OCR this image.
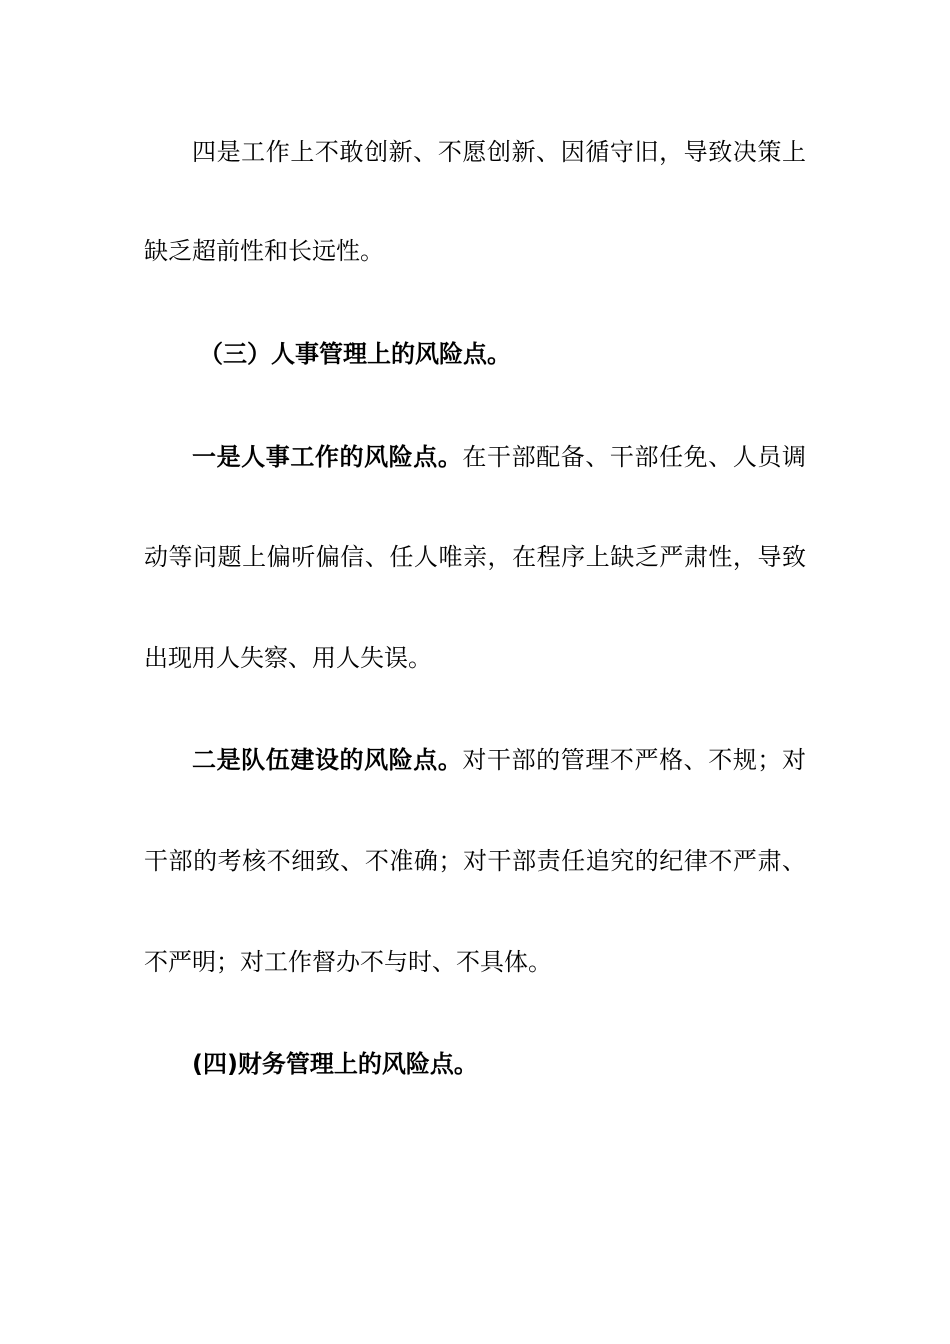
四是工作上不敢创新、不愿创新、因循守旧，导致决策上
缺乏超前性和长远性。
（三）人事管理上的风险点。
一是人事工作的风险点。在干部配备、干部任免、人员调
动等问题上偏听偏信、任人唯亲，在程序上缺乏严肃性，导致
出现用人失察、用人失误。
二是队伍建设的风险点。对干部的管理不严格、不规；对
干部的考核不细致、不准确；对干部责任追究的纪律不严肃、
不严明；对工作督办不与时、不具体。
(四)财务管理上的风险点。
